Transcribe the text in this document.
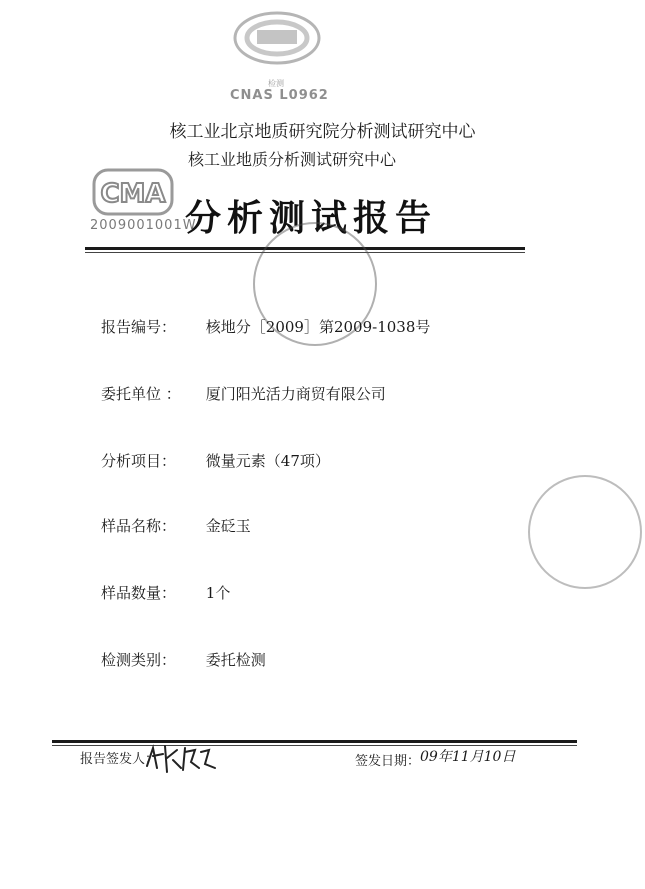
检测
CNAS L0962
核工业北京地质研究院分析测试研究中心
核工业地质分析测试研究中心
CMA
2009001001W
分析测试报告
报告编号： 核地分［2009］第2009-1038号
委托单位 ： 厦门阳光活力商贸有限公司
分析项目： 微量元素（47项）
样品名称： 金砭玉
样品数量： 1个
检测类别： 委托检测
报告签发人：	签发日期： 09年11月10日
